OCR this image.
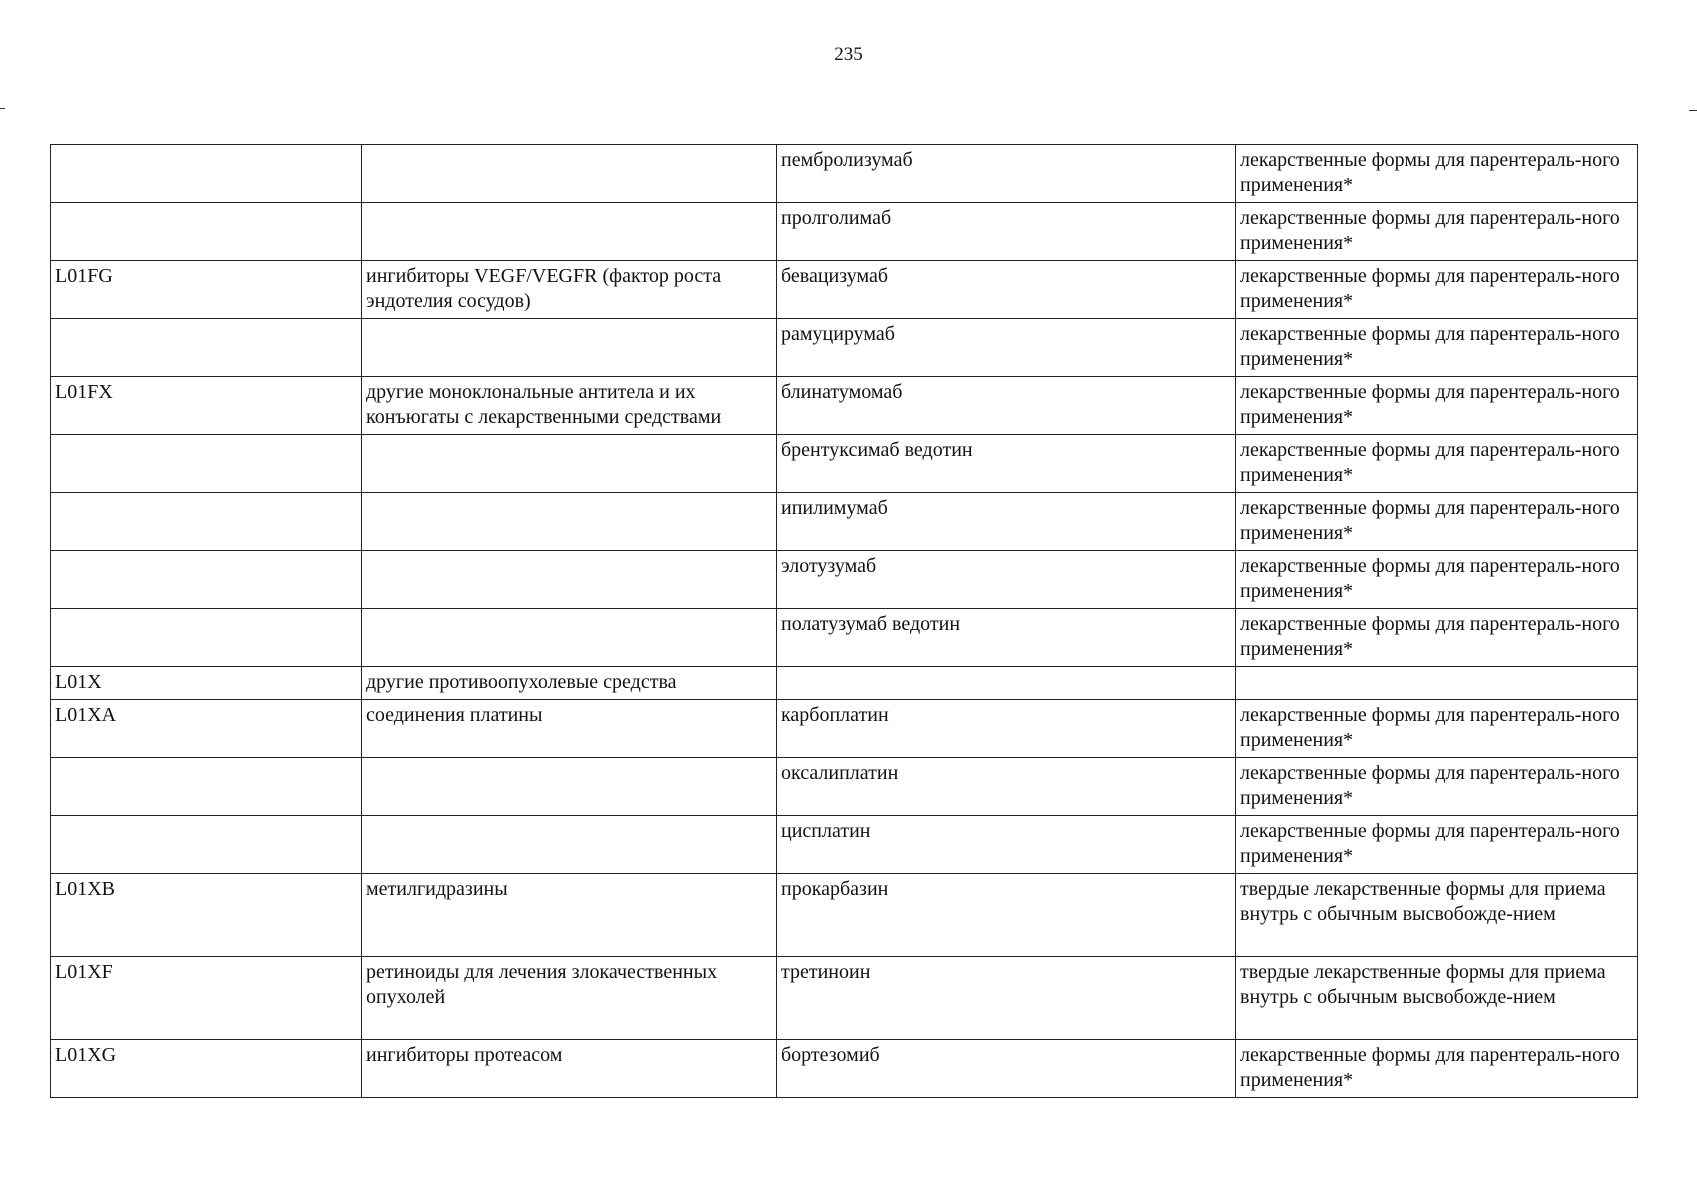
235
		пембролизумаб	лекарственные формы для парентераль-ного применения*
		пролголимаб	лекарственные формы для парентераль-ного применения*
L01FG	ингибиторы VEGF/VEGFR (фактор роста эндотелия сосудов)	бевацизумаб	лекарственные формы для парентераль-ного применения*
		рамуцирумаб	лекарственные формы для парентераль-ного применения*
L01FX	другие моноклональные антитела и их конъюгаты с лекарственными средствами	блинатумомаб	лекарственные формы для парентераль-ного применения*
		брентуксимаб ведотин	лекарственные формы для парентераль-ного применения*
		ипилимумаб	лекарственные формы для парентераль-ного применения*
		элотузумаб	лекарственные формы для парентераль-ного применения*
		полатузумаб ведотин	лекарственные формы для парентераль-ного применения*
L01X	другие противоопухолевые средства		
L01XA	соединения платины	карбоплатин	лекарственные формы для парентераль-ного применения*
		оксалиплатин	лекарственные формы для парентераль-ного применения*
		цисплатин	лекарственные формы для парентераль-ного применения*
L01XB	метилгидразины	прокарбазин	твердые лекарственные формы для приема внутрь с обычным высвобожде-нием
L01XF	ретиноиды для лечения злокачественных опухолей	третиноин	твердые лекарственные формы для приема внутрь с обычным высвобожде-нием
L01XG	ингибиторы протеасом	бортезомиб	лекарственные формы для парентераль-ного применения*
